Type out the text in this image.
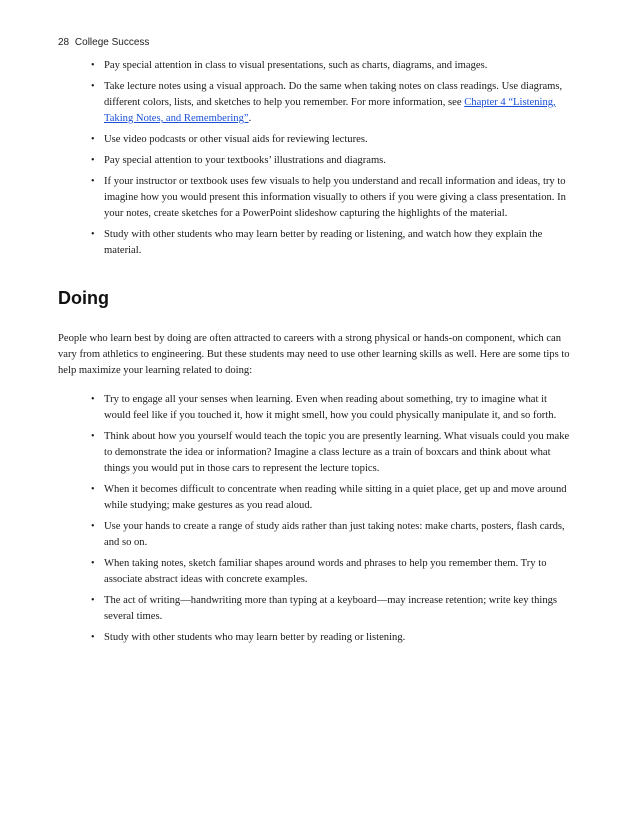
28 College Success
• Pay special attention in class to visual presentations, such as charts, diagrams, and images.
• Take lecture notes using a visual approach. Do the same when taking notes on class readings. Use diagrams, different colors, lists, and sketches to help you remember. For more information, see Chapter 4 “Listening, Taking Notes, and Remembering”.
• Use video podcasts or other visual aids for reviewing lectures.
• Pay special attention to your textbooks’ illustrations and diagrams.
• If your instructor or textbook uses few visuals to help you understand and recall information and ideas, try to imagine how you would present this information visually to others if you were giving a class presentation. In your notes, create sketches for a PowerPoint slideshow capturing the highlights of the material.
• Study with other students who may learn better by reading or listening, and watch how they explain the material.
Doing

People who learn best by doing are often attracted to careers with a strong physical or hands-on component, which can vary from athletics to engineering. But these students may need to use other learning skills as well. Here are some tips to help maximize your learning related to doing:

• Try to engage all your senses when learning. Even when reading about something, try to imagine what it would feel like if you touched it, how it might smell, how you could physically manipulate it, and so forth.
• Think about how you yourself would teach the topic you are presently learning. What visuals could you make to demonstrate the idea or information? Imagine a class lecture as a train of boxcars and think about what things you would put in those cars to represent the lecture topics.
• When it becomes difficult to concentrate when reading while sitting in a quiet place, get up and move around while studying; make gestures as you read aloud.
• Use your hands to create a range of study aids rather than just taking notes: make charts, posters, flash cards, and so on.
• When taking notes, sketch familiar shapes around words and phrases to help you remember them. Try to associate abstract ideas with concrete examples.
• The act of writing—handwriting more than typing at a keyboard—may increase retention; write key things several times.
• Study with other students who may learn better by reading or listening.
